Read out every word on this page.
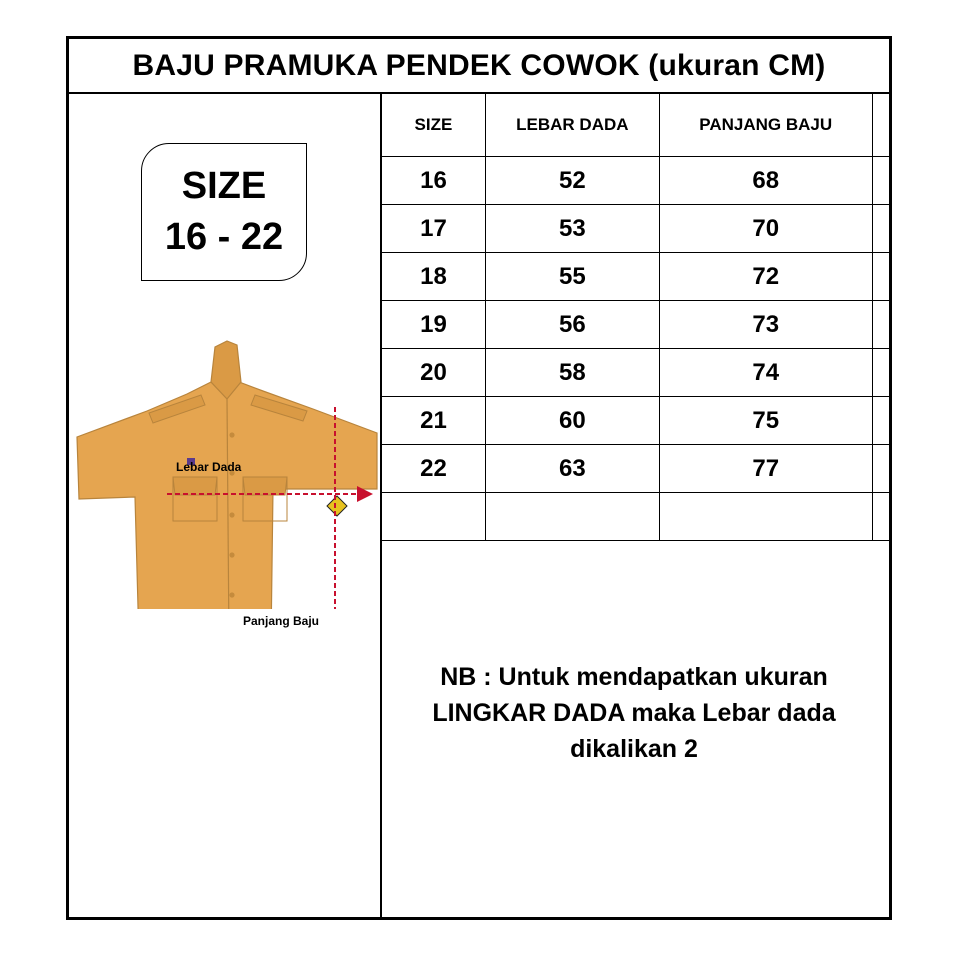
BAJU PRAMUKA PENDEK COWOK (ukuran CM)
SIZE
16 - 22
Lebar Dada
Panjang Baju
SIZE	LEBAR DADA	PANJANG BAJU	
16	52	68	
17	53	70	
18	55	72	
19	56	73	
20	58	74	
21	60	75	
22	63	77	

NB : Untuk mendapatkan ukuran LINGKAR DADA maka Lebar dada dikalikan 2
